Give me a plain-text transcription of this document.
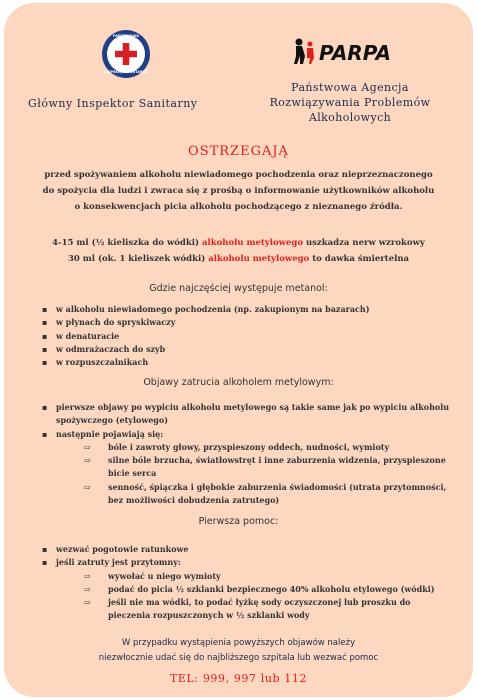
PAŃSTWOWA
INSPEKCJA SANITARNA
PARPA
Główny Inspektor Sanitarny
Państwowa Agencja
Rozwiązywania Problemów
Alkoholowych
OSTRZEGAJĄ
przed spożywaniem alkoholu niewiadomego pochodzenia oraz nieprzeznaczonego
do spożycia dla ludzi i zwraca się z prośbą o informowanie użytkowników alkoholu
o konsekwencjach picia alkoholu pochodzącego z nieznanego źródła.
4-15 ml (½ kieliszka do wódki) alkoholu metylowego uszkadza nerw wzrokowy
30 ml (ok. 1 kieliszek wódki) alkoholu metylowego to dawka śmiertelna
Gdzie najczęściej występuje metanol:
▪ w alkoholu niewiadomego pochodzenia (np. zakupionym na bazarach)
▪ w płynach do spryskiwaczy
▪ w denaturacie
▪ w odmrażaczach do szyb
▪ w rozpuszczalnikach
Objawy zatrucia alkoholem metylowym:
▪ pierwsze objawy po wypiciu alkoholu metylowego są takie same jak po wypiciu alkoholu spożywczego (etylowego)
▪ następnie pojawiają się:
⇨ bóle i zawroty głowy, przyspieszony oddech, nudności, wymioty
⇨ silne bóle brzucha, światłowstręt i inne zaburzenia widzenia, przyspieszone bicie serca
⇨ senność, śpiączka i głębokie zaburzenia świadomości (utrata przytomności, bez możliwości dobudzenia zatrutego)
Pierwsza pomoc:
▪ wezwać pogotowie ratunkowe
▪ jeśli zatruty jest przytomny:
⇨ wywołać u niego wymioty
⇨ podać do picia ½ szklanki bezpiecznego 40% alkoholu etylowego (wódki)
⇨ jeśli nie ma wódki, to podać łyżkę sody oczyszczonej lub proszku do pieczenia rozpuszczonych w ½ szklanki wody
W przypadku wystąpienia powyższych objawów należy
niezwłocznie udać się do najbliższego szpitala lub wezwać pomoc
TEL: 999, 997 lub 112
